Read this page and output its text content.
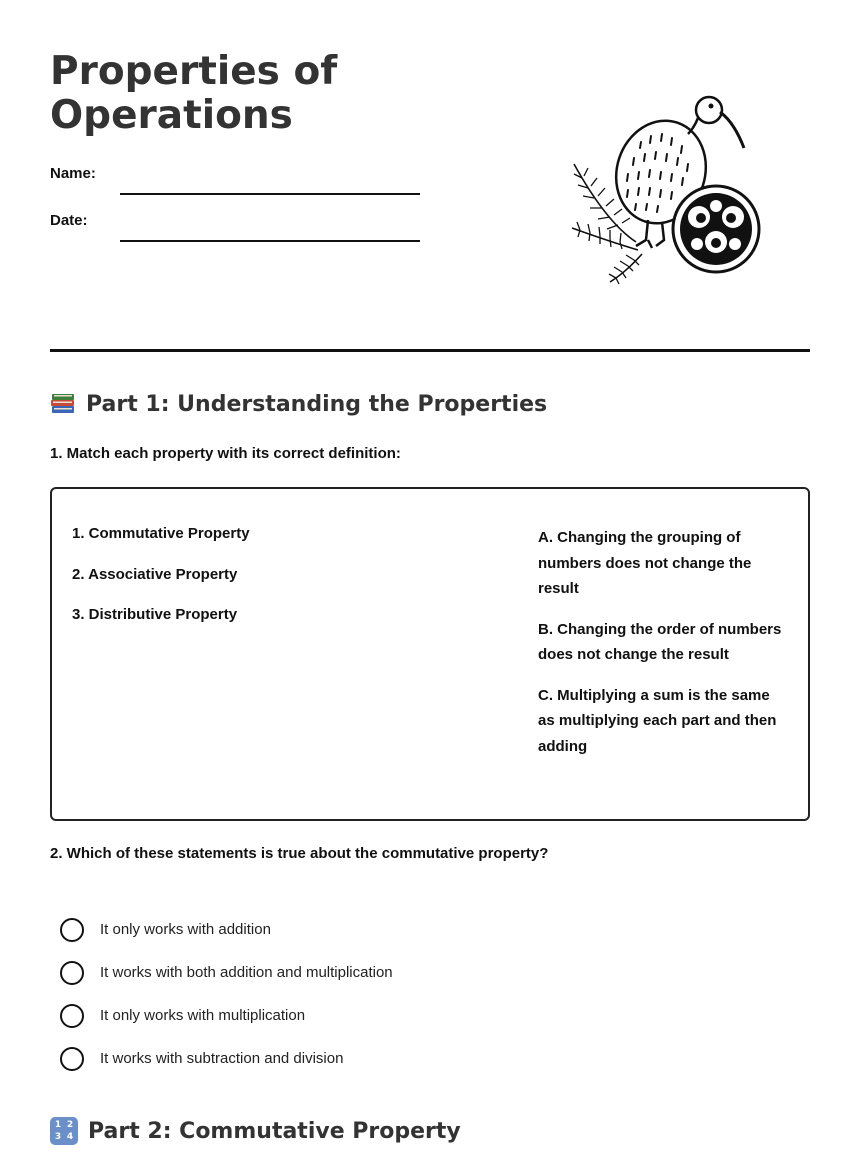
Properties of Operations
Name:
Date:
Part 1: Understanding the Properties

1. Match each property with its correct definition:

1. Commutative Property
2. Associative Property
3. Distributive Property
A. Changing the grouping of numbers does not change the result
B. Changing the order of numbers does not change the result
C. Multiplying a sum is the same as multiplying each part and then adding

2. Which of these statements is true about the commutative property?

It only works with addition
It works with both addition and multiplication
It only works with multiplication
It works with subtraction and division
1 2
3 4 Part 2: Commutative Property
